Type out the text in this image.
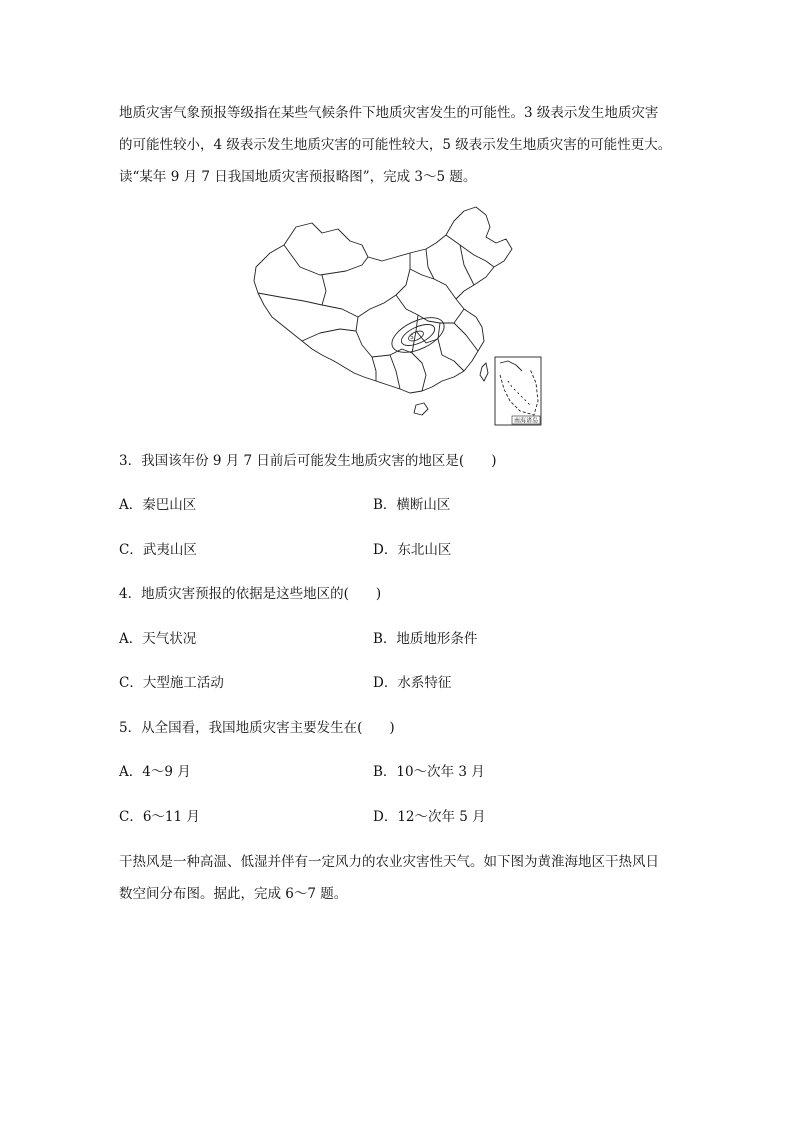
地质灾害气象预报等级指在某些气候条件下地质灾害发生的可能性。3 级表示发生地质灾害
的可能性较小，4 级表示发生地质灾害的可能性较大，5 级表示发生地质灾害的可能性更大。
读“某年 9 月 7 日我国地质灾害预报略图”，完成 3～5 题。
5
南海诸岛

3．我国该年份 9 月 7 日前后可能发生地质灾害的地区是(　　)

A．秦巴山区	B．横断山区

C．武夷山区	D．东北山区

4．地质灾害预报的依据是这些地区的(　　)

A．天气状况	B．地质地形条件

C．大型施工活动	D．水系特征

5．从全国看，我国地质灾害主要发生在(　　)

A．4～9 月	B．10～次年 3 月

C．6～11 月	D．12～次年 5 月

干热风是一种高温、低湿并伴有一定风力的农业灾害性天气。如下图为黄淮海地区干热风日
数空间分布图。据此，完成 6～7 题。
